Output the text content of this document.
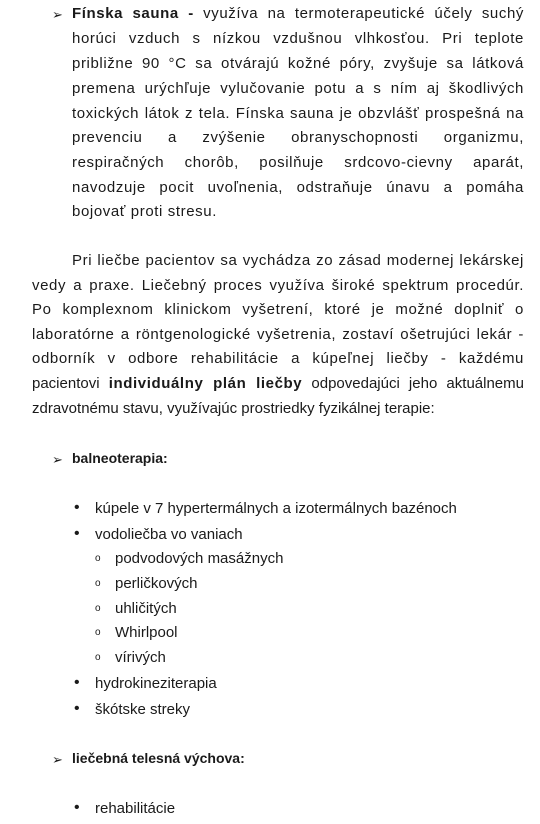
➢ Fínska sauna - využíva na termoterapeutické účely suchý
horúci vzduch s nízkou vzdušnou vlhkosťou. Pri teplote
približne 90 °C sa otvárajú kožné póry, zvyšuje sa látková
premena urýchľuje vylučovanie potu a s ním aj škodlivých
toxických látok z tela. Fínska sauna je obzvlášť prospešná na
prevenciu a zvýšenie obranyschopnosti organizmu,
respiračných chorôb, posilňuje srdcovo-cievny aparát,
navodzuje pocit uvoľnenia, odstraňuje únavu a pomáha
bojovať proti stresu.
Pri liečbe pacientov sa vychádza zo zásad modernej lekárskej
vedy a praxe. Liečebný proces využíva široké spektrum procedúr.
Po komplexnom klinickom vyšetrení, ktoré je možné doplniť o
laboratórne a röntgenologické vyšetrenia, zostaví ošetrujúci lekár -
odborník v odbore rehabilitácie a kúpeľnej liečby - každému
pacientovi individuálny plán liečby odpovedajúci jeho aktuálnemu
zdravotnému stavu, využívajúc prostriedky fyzikálnej terapie:
➢ balneoterapia:
• kúpele v 7 hypertermálnych a izotermálnych bazénoch
• vodoliečba vo vaniach
o podvodových masážnych
o perličkových
o uhličitých
o Whirlpool
o vírivých
• hydrokineziterapia
• škótske streky
➢ liečebná telesná výchova:
• rehabilitácie
